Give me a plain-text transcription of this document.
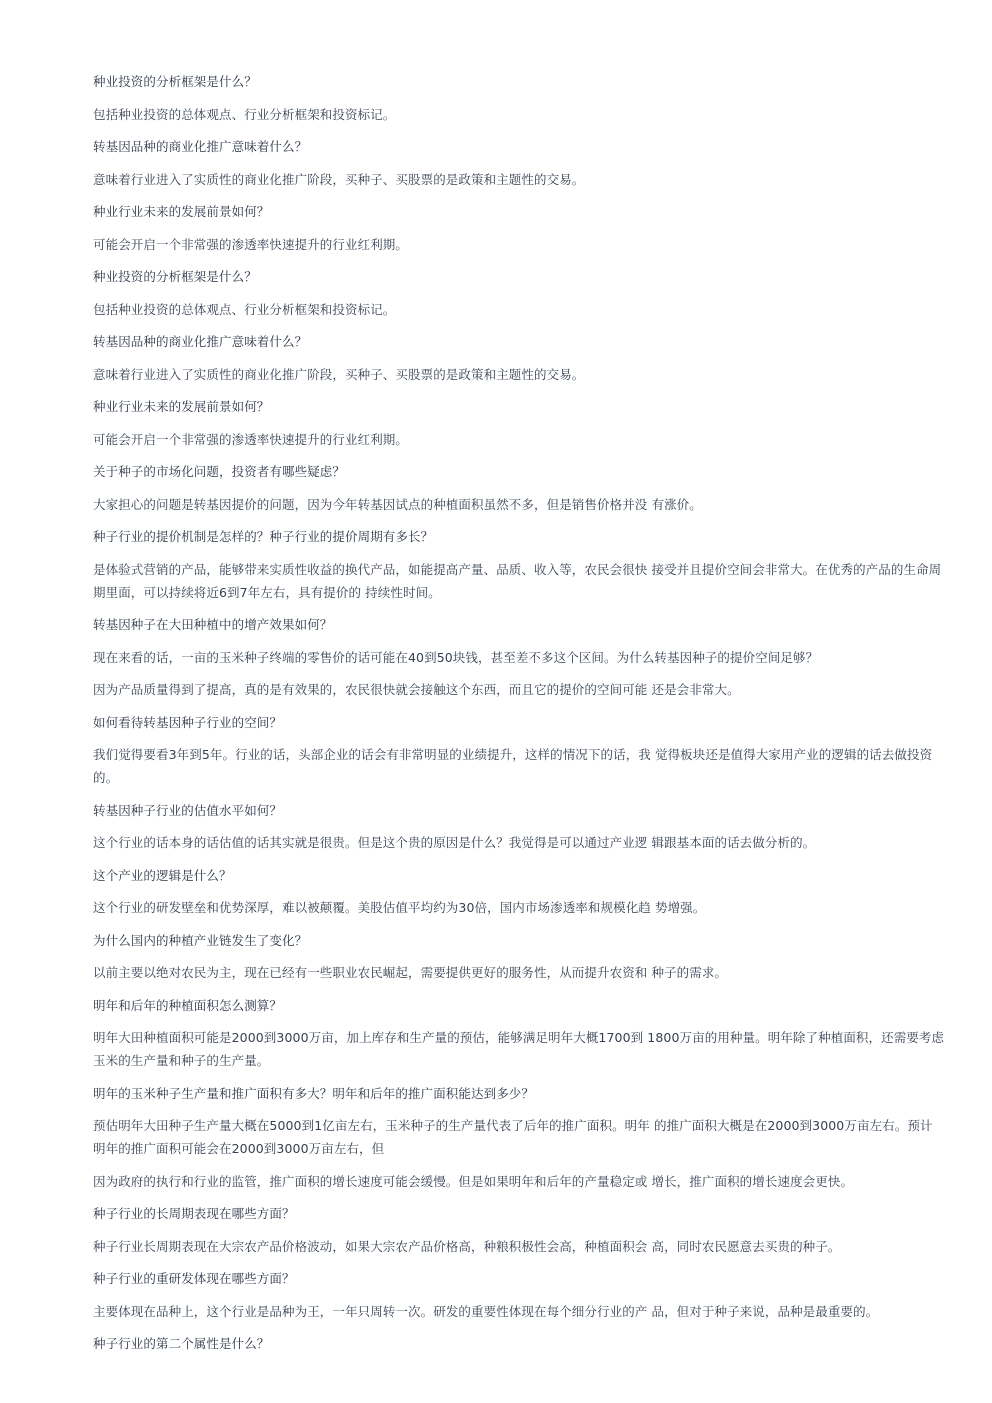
种业投资的分析框架是什么？

包括种业投资的总体观点、行业分析框架和投资标记。

转基因品种的商业化推广意味着什么？

意味着行业进入了实质性的商业化推广阶段，买种子、买股票的是政策和主题性的交易。

种业行业未来的发展前景如何？

可能会开启一个非常强的渗透率快速提升的行业红利期。

种业投资的分析框架是什么？

包括种业投资的总体观点、行业分析框架和投资标记。

转基因品种的商业化推广意味着什么？

意味着行业进入了实质性的商业化推广阶段，买种子、买股票的是政策和主题性的交易。

种业行业未来的发展前景如何？

可能会开启一个非常强的渗透率快速提升的行业红利期。

关于种子的市场化问题，投资者有哪些疑虑？

大家担心的问题是转基因提价的问题，因为今年转基因试点的种植面积虽然不多，但是销售价格并没 有涨价。

种子行业的提价机制是怎样的？种子行业的提价周期有多长？

是体验式营销的产品，能够带来实质性收益的换代产品，如能提高产量、品质、收入等，农民会很快 接受并且提价空间会非常大。在优秀的产品的生命周期里面，可以持续将近6到7年左右，具有提价的 持续性时间。

转基因种子在大田种植中的增产效果如何？

现在来看的话，一亩的玉米种子终端的零售价的话可能在40到50块钱，甚至差不多这个区间。为什么转基因种子的提价空间足够？

因为产品质量得到了提高，真的是有效果的，农民很快就会接触这个东西，而且它的提价的空间可能 还是会非常大。

如何看待转基因种子行业的空间？

我们觉得要看3年到5年。行业的话，头部企业的话会有非常明显的业绩提升，这样的情况下的话，我 觉得板块还是值得大家用产业的逻辑的话去做投资的。

转基因种子行业的估值水平如何？

这个行业的话本身的话估值的话其实就是很贵。但是这个贵的原因是什么？我觉得是可以通过产业逻 辑跟基本面的话去做分析的。

这个产业的逻辑是什么？

这个行业的研发壁垒和优势深厚，难以被颠覆。美股估值平均约为30倍，国内市场渗透率和规模化趋 势增强。

为什么国内的种植产业链发生了变化？

以前主要以绝对农民为主，现在已经有一些职业农民崛起，需要提供更好的服务性，从而提升农资和 种子的需求。

明年和后年的种植面积怎么测算？

明年大田种植面积可能是2000到3000万亩，加上库存和生产量的预估，能够满足明年大概1700到 1800万亩的用种量。明年除了种植面积，还需要考虑玉米的生产量和种子的生产量。

明年的玉米种子生产量和推广面积有多大？明年和后年的推广面积能达到多少？

预估明年大田种子生产量大概在5000到1亿亩左右，玉米种子的生产量代表了后年的推广面积。明年 的推广面积大概是在2000到3000万亩左右。预计明年的推广面积可能会在2000到3000万亩左右，但

因为政府的执行和行业的监管，推广面积的增长速度可能会缓慢。但是如果明年和后年的产量稳定或 增长，推广面积的增长速度会更快。

种子行业的长周期表现在哪些方面？

种子行业长周期表现在大宗农产品价格波动，如果大宗农产品价格高，种粮积极性会高，种植面积会 高，同时农民愿意去买贵的种子。

种子行业的重研发体现在哪些方面？

主要体现在品种上，这个行业是品种为王，一年只周转一次。研发的重要性体现在每个细分行业的产 品，但对于种子来说，品种是最重要的。

种子行业的第二个属性是什么？
